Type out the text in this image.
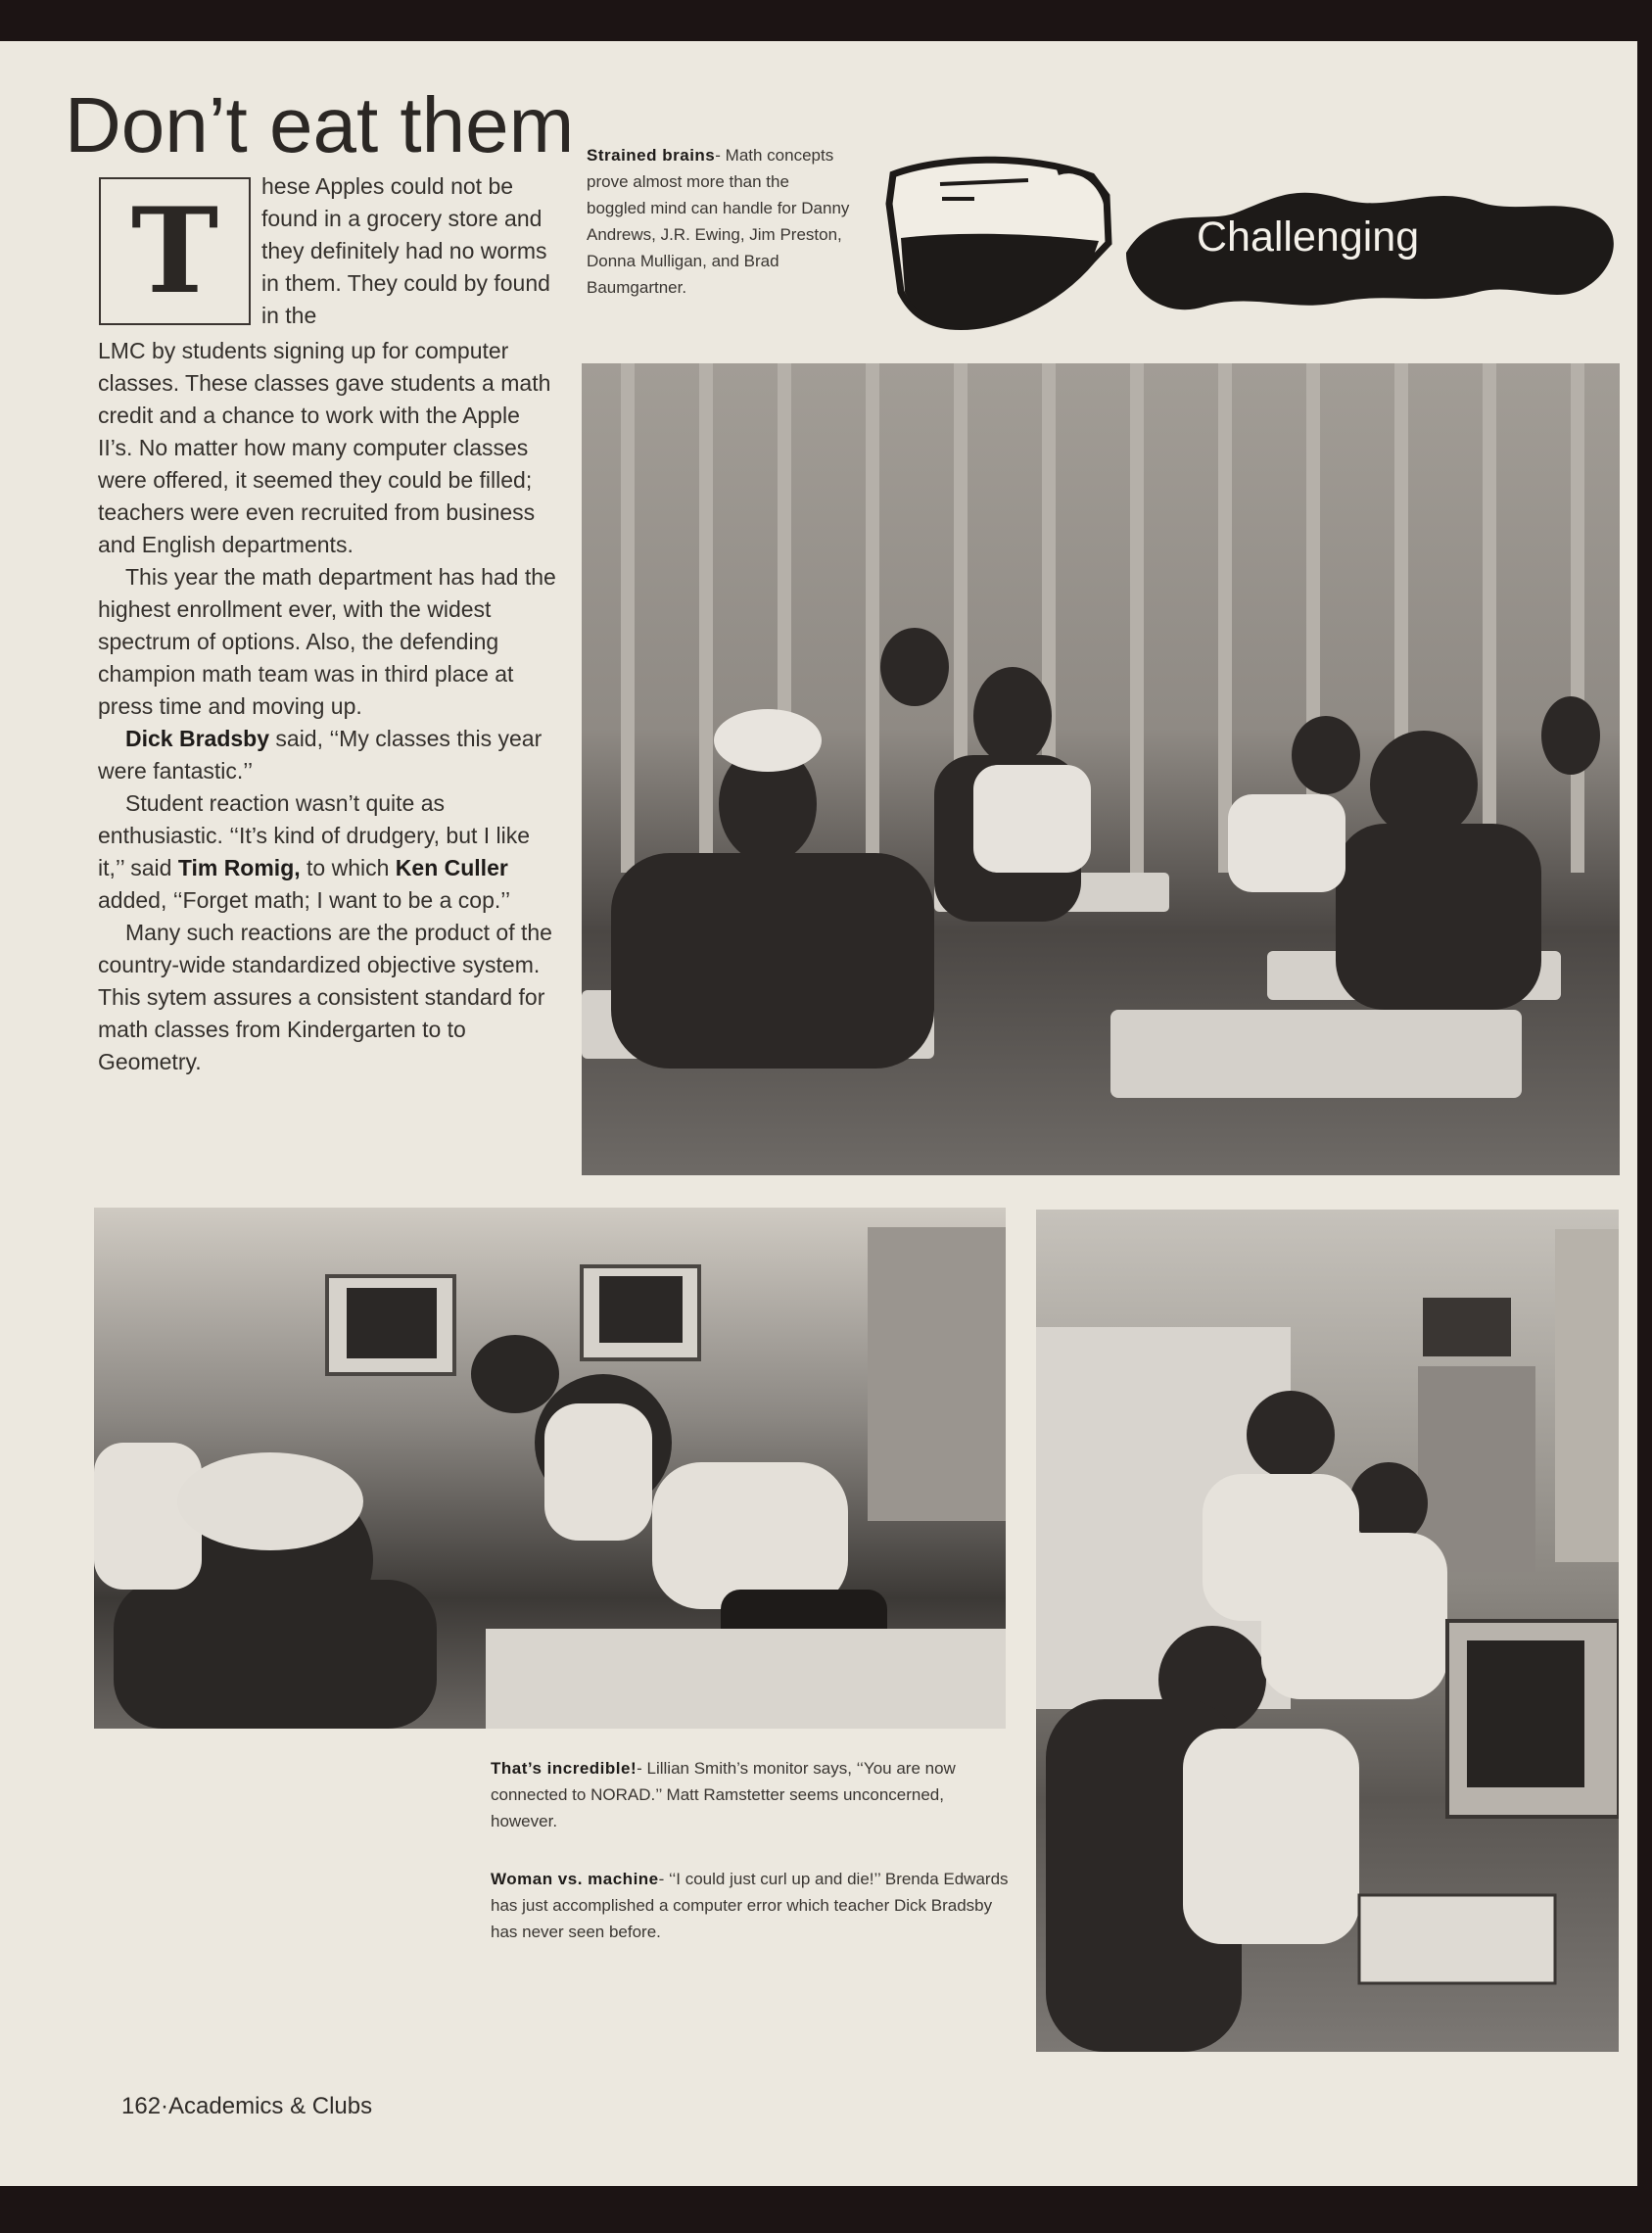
Don’t eat them
T hese Apples could not be found in a grocery store and they definitely had no worms in them. They could by found in the

LMC by students signing up for computer classes. These classes gave students a math credit and a chance to work with the Apple II’s. No matter how many computer classes were offered, it seemed they could be filled; teachers were even recruited from business and English departments.

This year the math department has had the highest enrollment ever, with the widest spectrum of options. Also, the defending champion math team was in third place at press time and moving up.

Dick Bradsby said, ‘‘My classes this year were fantastic.’’

Student reaction wasn’t quite as enthusiastic. ‘‘It’s kind of drudgery, but I like it,’’ said Tim Romig, to which Ken Culler added, ‘‘Forget math; I want to be a cop.’’

Many such reactions are the product of the country-wide standardized objective system. This sytem assures a consistent standard for math classes from Kindergarten to to Geometry.

Strained brains- Math concepts prove almost more than the boggled mind can handle for Danny Andrews, J.R. Ewing, Jim Preston, Donna Mulligan, and Brad Baumgartner.
Challenging
That’s incredible!- Lillian Smith’s monitor says, ‘‘You are now connected to NORAD.’’ Matt Ramstetter seems unconcerned, however.
Woman vs. machine- ‘‘I could just curl up and die!’’ Brenda Edwards has just accomplished a computer error which teacher Dick Bradsby has never seen before.
162·Academics & Clubs
